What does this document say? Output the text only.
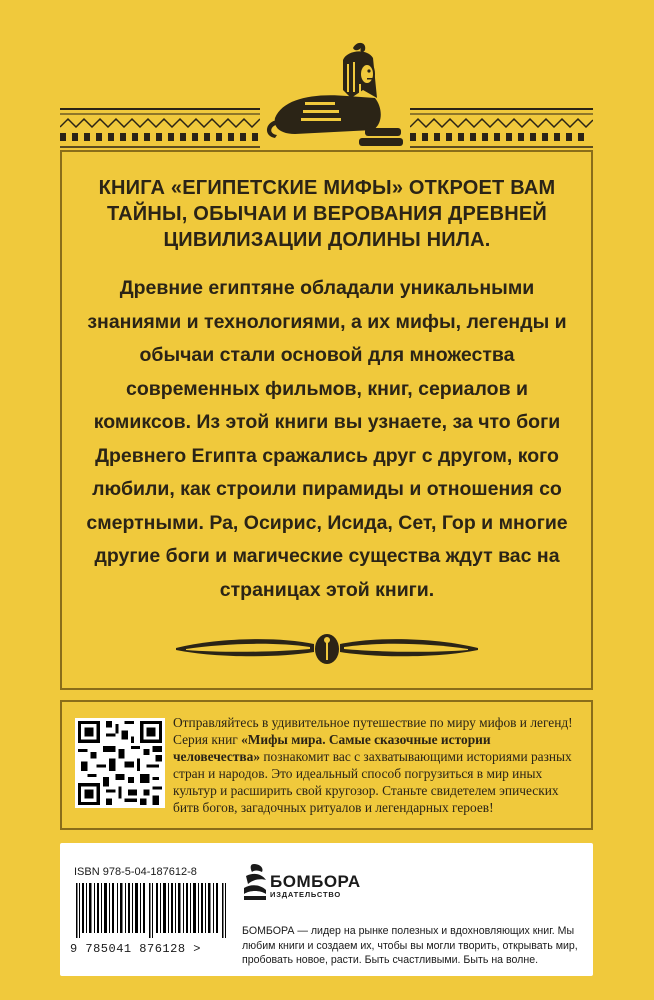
КНИГА «ЕГИПЕТСКИЕ МИФЫ» ОТКРОЕТ ВАМ ТАЙНЫ, ОБЫЧАИ И ВЕРОВАНИЯ ДРЕВНЕЙ ЦИВИЛИЗАЦИИ ДОЛИНЫ НИЛА.
Древние египтяне обладали уникальными знаниями и технологиями, а их мифы, легенды и обычаи стали основой для множества современных фильмов, книг, сериалов и комиксов. Из этой книги вы узнаете, за что боги Древнего Египта сражались друг с другом, кого любили, как строили пирамиды и отношения со смертными. Ра, Осирис, Исида, Сет, Гор и многие другие боги и магические существа ждут вас на страницах этой книги.
Отправляйтесь в удивительное путешествие по миру мифов и легенд! Серия книг «Мифы мира. Самые сказочные истории человечества» познакомит вас с захватывающими историями разных стран и народов. Это идеальный способ погрузиться в мир иных культур и расширить свой кругозор. Станьте свидетелем эпических битв богов, загадочных ритуалов и легендарных героев!
ISBN 978-5-04-187612-8
9 785041 876128 >
БОМБОРА
ИЗДАТЕЛЬСТВО
БОМБОРА — лидер на рынке полезных и вдохновляющих книг. Мы любим книги и создаем их, чтобы вы могли творить, открывать мир, пробовать новое, расти. Быть счастливыми. Быть на волне.
